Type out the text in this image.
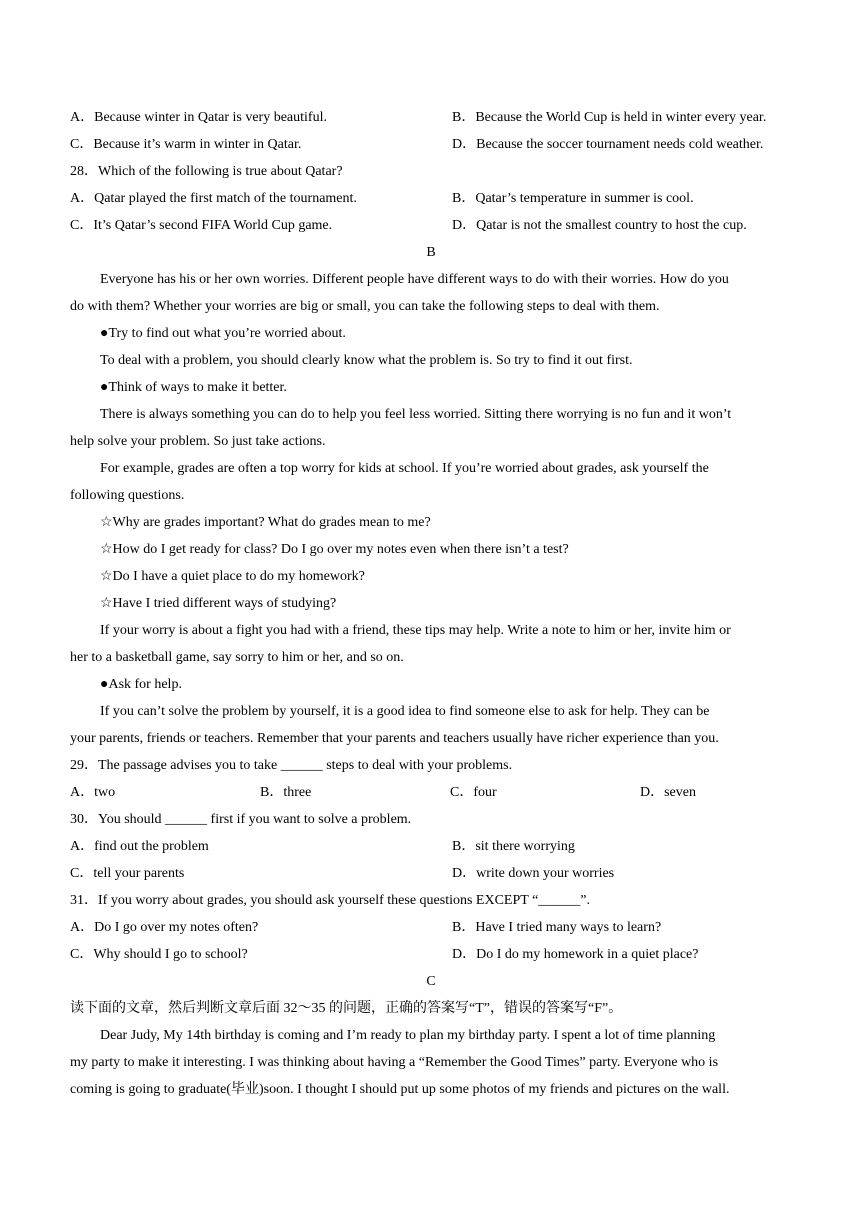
A．Because winter in Qatar is very beautiful.	B．Because the World Cup is held in winter every year.
C．Because it’s warm in winter in Qatar.	D．Because the soccer tournament needs cold weather.
28．Which of the following is true about Qatar?
A．Qatar played the first match of the tournament.	B．Qatar’s temperature in summer is cool.
C．It’s Qatar’s second FIFA World Cup game.	D．Qatar is not the smallest country to host the cup.
B
Everyone has his or her own worries. Different people have different ways to do with their worries. How do you
do with them? Whether your worries are big or small, you can take the following steps to deal with them.
●Try to find out what you’re worried about.
To deal with a problem, you should clearly know what the problem is. So try to find it out first.
●Think of ways to make it better.
There is always something you can do to help you feel less worried. Sitting there worrying is no fun and it won’t
help solve your problem. So just take actions.
For example, grades are often a top worry for kids at school. If you’re worried about grades, ask yourself the
following questions.
☆Why are grades important? What do grades mean to me?
☆How do I get ready for class? Do I go over my notes even when there isn’t a test?
☆Do I have a quiet place to do my homework?
☆Have I tried different ways of studying?
If your worry is about a fight you had with a friend, these tips may help. Write a note to him or her, invite him or
her to a basketball game, say sorry to him or her, and so on.
●Ask for help.
If you can’t solve the problem by yourself, it is a good idea to find someone else to ask for help. They can be
your parents, friends or teachers. Remember that your parents and teachers usually have richer experience than you.
29．The passage advises you to take ______ steps to deal with your problems.
A．two	B．three	C．four	D．seven
30．You should ______ first if you want to solve a problem.
A．find out the problem	B．sit there worrying
C．tell your parents	D．write down your worries
31．If you worry about grades, you should ask yourself these questions EXCEPT “______”.
A．Do I go over my notes often?	B．Have I tried many ways to learn?
C．Why should I go to school?	D．Do I do my homework in a quiet place?
C
读下面的文章，然后判断文章后面 32～35 的问题，正确的答案写“T”，错误的答案写“F”。
Dear Judy, My 14th birthday is coming and I’m ready to plan my birthday party. I spent a lot of time planning
my party to make it interesting. I was thinking about having a “Remember the Good Times” party. Everyone who is
coming is going to graduate(毕业)soon. I thought I should put up some photos of my friends and pictures on the wall.
